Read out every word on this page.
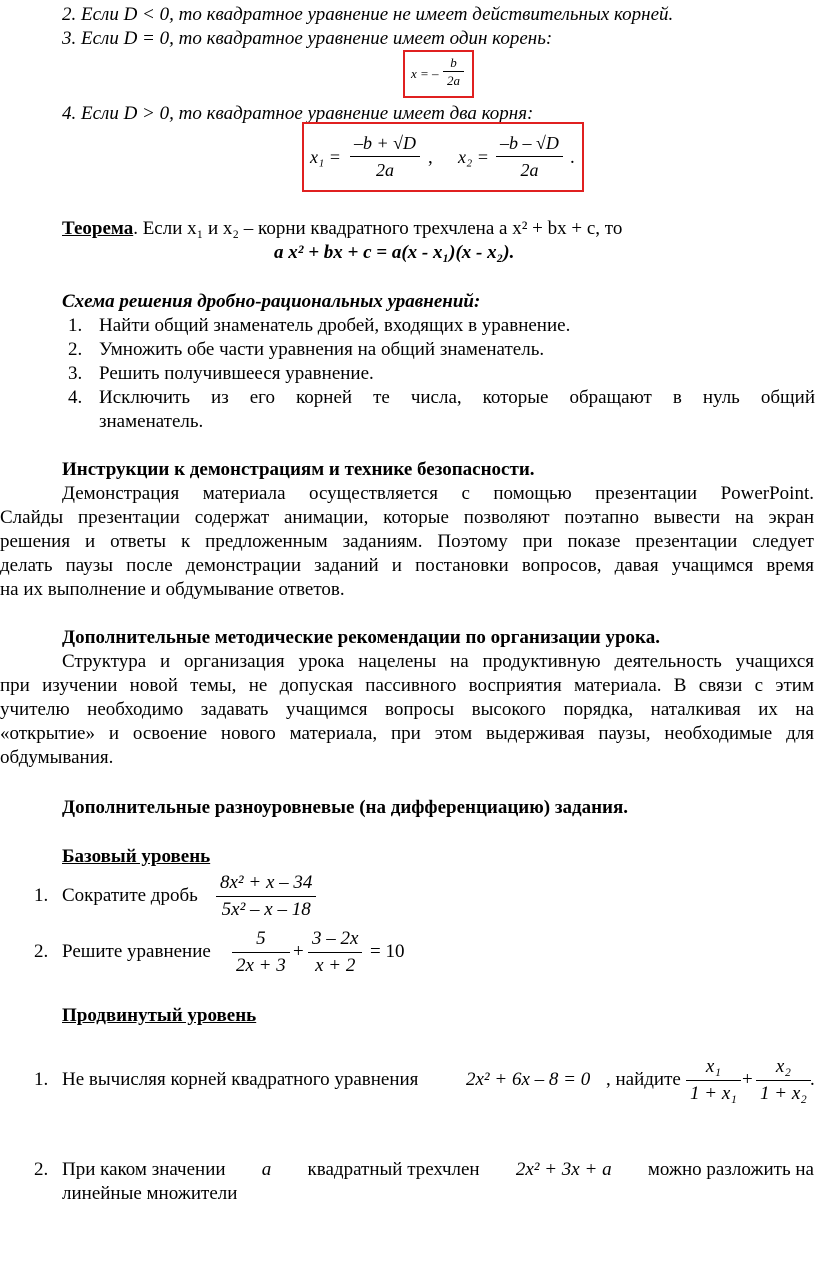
2. Если D < 0, то квадратное уравнение не имеет действительных корней.
3. Если D = 0, то квадратное уравнение имеет один корень:
x = – $\frac{b}{2a}$
4. Если D > 0, то квадратное уравнение имеет два корня:
$x_1 = \frac{-b + √D}{2a}$ , $x_2 = \frac{-b - √D}{2a}$ .
Теорема. Если x₁ и x₂ – корни квадратного трехчлена a x² + bx + c, то
a x² + bx + c = a(x - x₁)(x - x₂).
Схема решения дробно-рациональных уравнений:
1. Найти общий знаменатель дробей, входящих в уравнение.
2. Умножить обе части уравнения на общий знаменатель.
3. Решить получившееся уравнение.
4. Исключить из его корней те числа, которые обращают в нуль общий
знаменатель.
Инструкции к демонстрациям и технике безопасности.
Демонстрация материала осуществляется с помощью презентации PowerPoint.
Слайды презентации содержат анимации, которые позволяют поэтапно вывести на экран
решения и ответы к предложенным заданиям. Поэтому при показе презентации следует
делать паузы после демонстрации заданий и постановки вопросов, давая учащимся время
на их выполнение и обдумывание ответов.
Дополнительные методические рекомендации по организации урока.
Структура и организация урока нацелены на продуктивную деятельность учащихся
при изучении новой темы, не допуская пассивного восприятия материала. В связи с этим
учителю необходимо задавать учащимся вопросы высокого порядка, наталкивая их на
«открытие» и освоение нового материала, при этом выдерживая паузы, необходимые для
обдумывания.
Дополнительные разноуровневые (на дифференциацию) задания.
Базовый уровень
1. Сократите дробь $\frac{\text{8x² + x – 34}}{\text{5x² – x – 18}}$
2. Решите уравнение $\frac{5}{2x + 3} + \frac{3 - 2x}{x + 2} = 10$
Продвинутый уровень
1. Не вычисляя корней квадратного уравнения	2x² + 6x – 8 = 0 , найдите $\frac{\text{x₁}}{\text{1 + x₁}} + \frac{\text{x₂}}{\text{1 + x₂}}$ .
2. При каком значении a квадратный трехчлен 2x² + 3x + a можно разложить на
линейные множители
